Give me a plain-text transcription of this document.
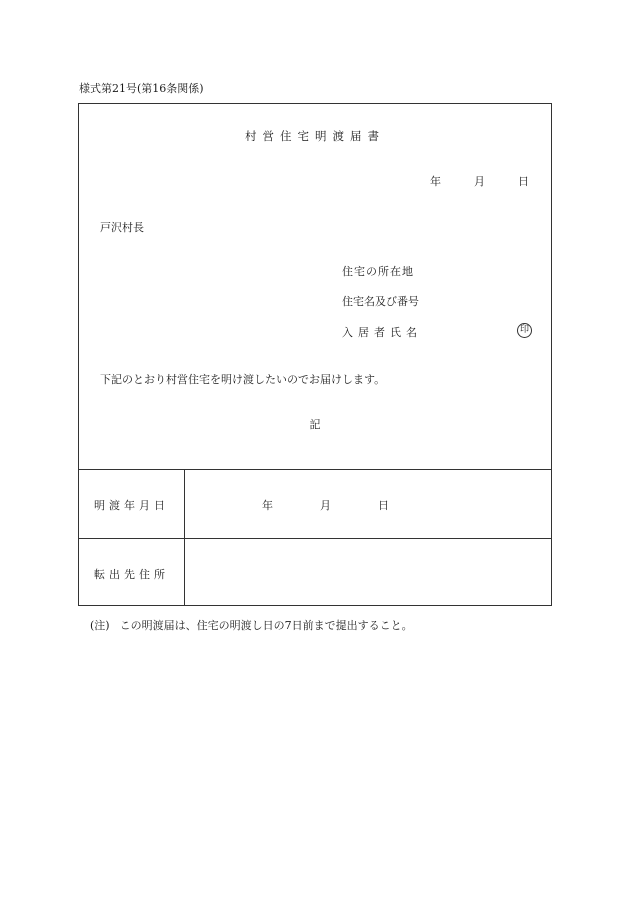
様式第21号(第16条関係)
村営住宅明渡届書
年	月	日
戸沢村長
住宅の所在地
住宅名及び番号
入居者氏名	印
下記のとおり村営住宅を明け渡したいのでお届けします。
記
明渡年月日	年	月	日
転出先住所
(注) この明渡届は、住宅の明渡し日の7日前まで提出すること。
